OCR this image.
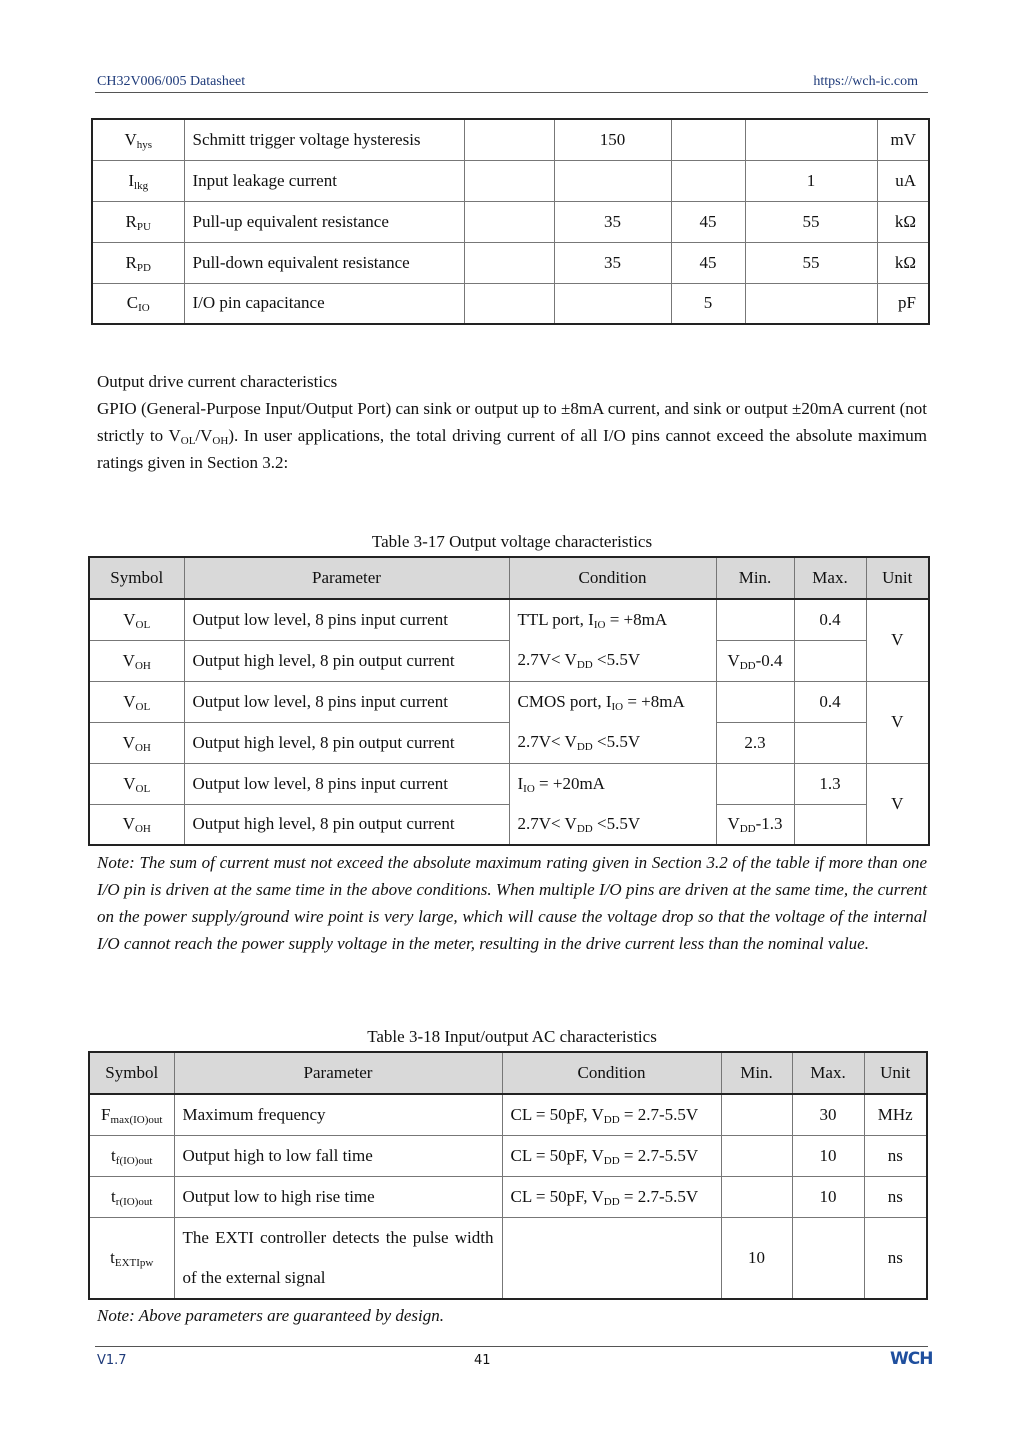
CH32V006/005 Datasheet	https://wch-ic.com
$V_{hys}$	Schmitt trigger voltage hysteresis		150			mV
$I_{lkg}$	Input leakage current				1	uA
$R_{PU}$	Pull-up equivalent resistance		35	45	55	kΩ
$R_{PD}$	Pull-down equivalent resistance		35	45	55	kΩ
$C_{IO}$	I/O pin capacitance			5		pF
Output drive current characteristics
GPIO (General-Purpose Input/Output Port) can sink or output up to ±8mA current, and sink or output ±20mA current (not strictly to $V_{OL}/V_{OH}$). In user applications, the total driving current of all I/O pins cannot exceed the absolute maximum ratings given in Section 3.2:
Table 3-17 Output voltage characteristics
Symbol	Parameter	Condition	Min.	Max.	Unit
$V_{OL}$	Output low level, 8 pins input current	TTL port, $I_{IO} = +8mA$		0.4	V
$V_{OH}$	Output high level, 8 pin output current	$2.7V< V_{DD} <5.5V$	$V_{DD}-0.4$		
$V_{OL}$	Output low level, 8 pins input current	CMOS port, $I_{IO} = +8mA$		0.4	V
$V_{OH}$	Output high level, 8 pin output current	$2.7V< V_{DD} <5.5V$	2.3		
$V_{OL}$	Output low level, 8 pins input current	$I_{IO} = +20mA$		1.3	V
$V_{OH}$	Output high level, 8 pin output current	$2.7V< V_{DD} <5.5V$	$V_{DD}-1.3$		
Note: The sum of current must not exceed the absolute maximum rating given in Section 3.2 of the table if more than one I/O pin is driven at the same time in the above conditions. When multiple I/O pins are driven at the same time, the current on the power supply/ground wire point is very large, which will cause the voltage drop so that the voltage of the internal I/O cannot reach the power supply voltage in the meter, resulting in the drive current less than the nominal value.
Table 3-18 Input/output AC characteristics
Symbol	Parameter	Condition	Min.	Max.	Unit
$F_{max(IO)out}$	Maximum frequency	CL = 50pF, $V_{DD} = 2.7-5.5V$		30	MHz
$t_{f(IO)out}$	Output high to low fall time	CL = 50pF, $V_{DD} = 2.7-5.5V$		10	ns
$t_{r(IO)out}$	Output low to high rise time	CL = 50pF, $V_{DD} = 2.7-5.5V$		10	ns
$t_{EXTIpw}$	The EXTI controller detects the pulse width of the external signal		10		ns
Note: Above parameters are guaranteed by design.
V1.7	41	WCH
